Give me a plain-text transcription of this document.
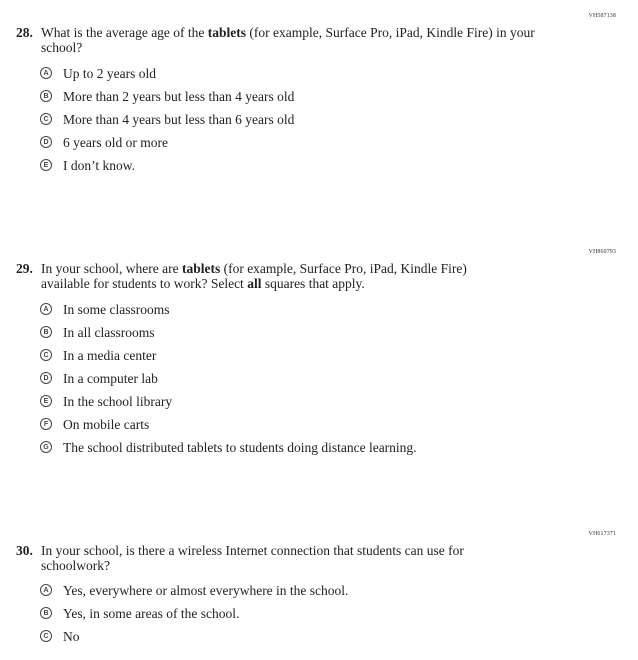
VH587138
28. What is the average age of the tablets (for example, Surface Pro, iPad, Kindle Fire) in your school?
A Up to 2 years old
B More than 2 years but less than 4 years old
C More than 4 years but less than 6 years old
D 6 years old or more
E I don’t know.
VH860793
29. In your school, where are tablets (for example, Surface Pro, iPad, Kindle Fire) available for students to work? Select all squares that apply.
A In some classrooms
B In all classrooms
C In a media center
D In a computer lab
E In the school library
F On mobile carts
G The school distributed tablets to students doing distance learning.
VH617371
30. In your school, is there a wireless Internet connection that students can use for schoolwork?
A Yes, everywhere or almost everywhere in the school.
B Yes, in some areas of the school.
C No
